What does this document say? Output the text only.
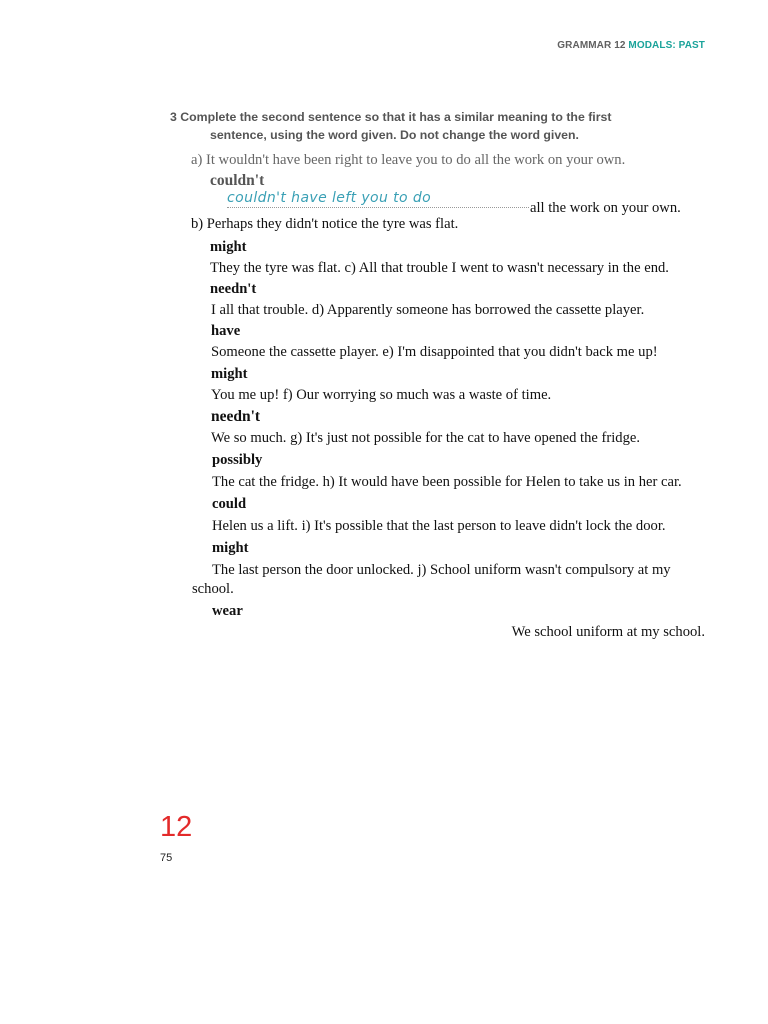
GRAMMAR 12 MODALS: PAST
3 Complete the second sentence so that it has a similar meaning to the first
sentence, using the word given. Do not change the word given.
a) It wouldn't have been right to leave you to do all the work on your own.
couldn't
couldn't have left you to do
all the work on your own.
b) Perhaps they didn't notice the tyre was flat.
might
They the tyre was flat. c) All that trouble I went to wasn't necessary in the end.
needn't
I all that trouble. d) Apparently someone has borrowed the cassette player.
have
Someone the cassette player. e) I'm disappointed that you didn't back me up!
might
You me up! f) Our worrying so much was a waste of time.
needn't
We so much. g) It's just not possible for the cat to have opened the fridge.
possibly
The cat the fridge. h) It would have been possible for Helen to take us in her car.
could
Helen us a lift. i) It's possible that the last person to leave didn't lock the door.
might
The last person the door unlocked. j) School uniform wasn't compulsory at my
school.
wear
We school uniform at my school.
12
75
